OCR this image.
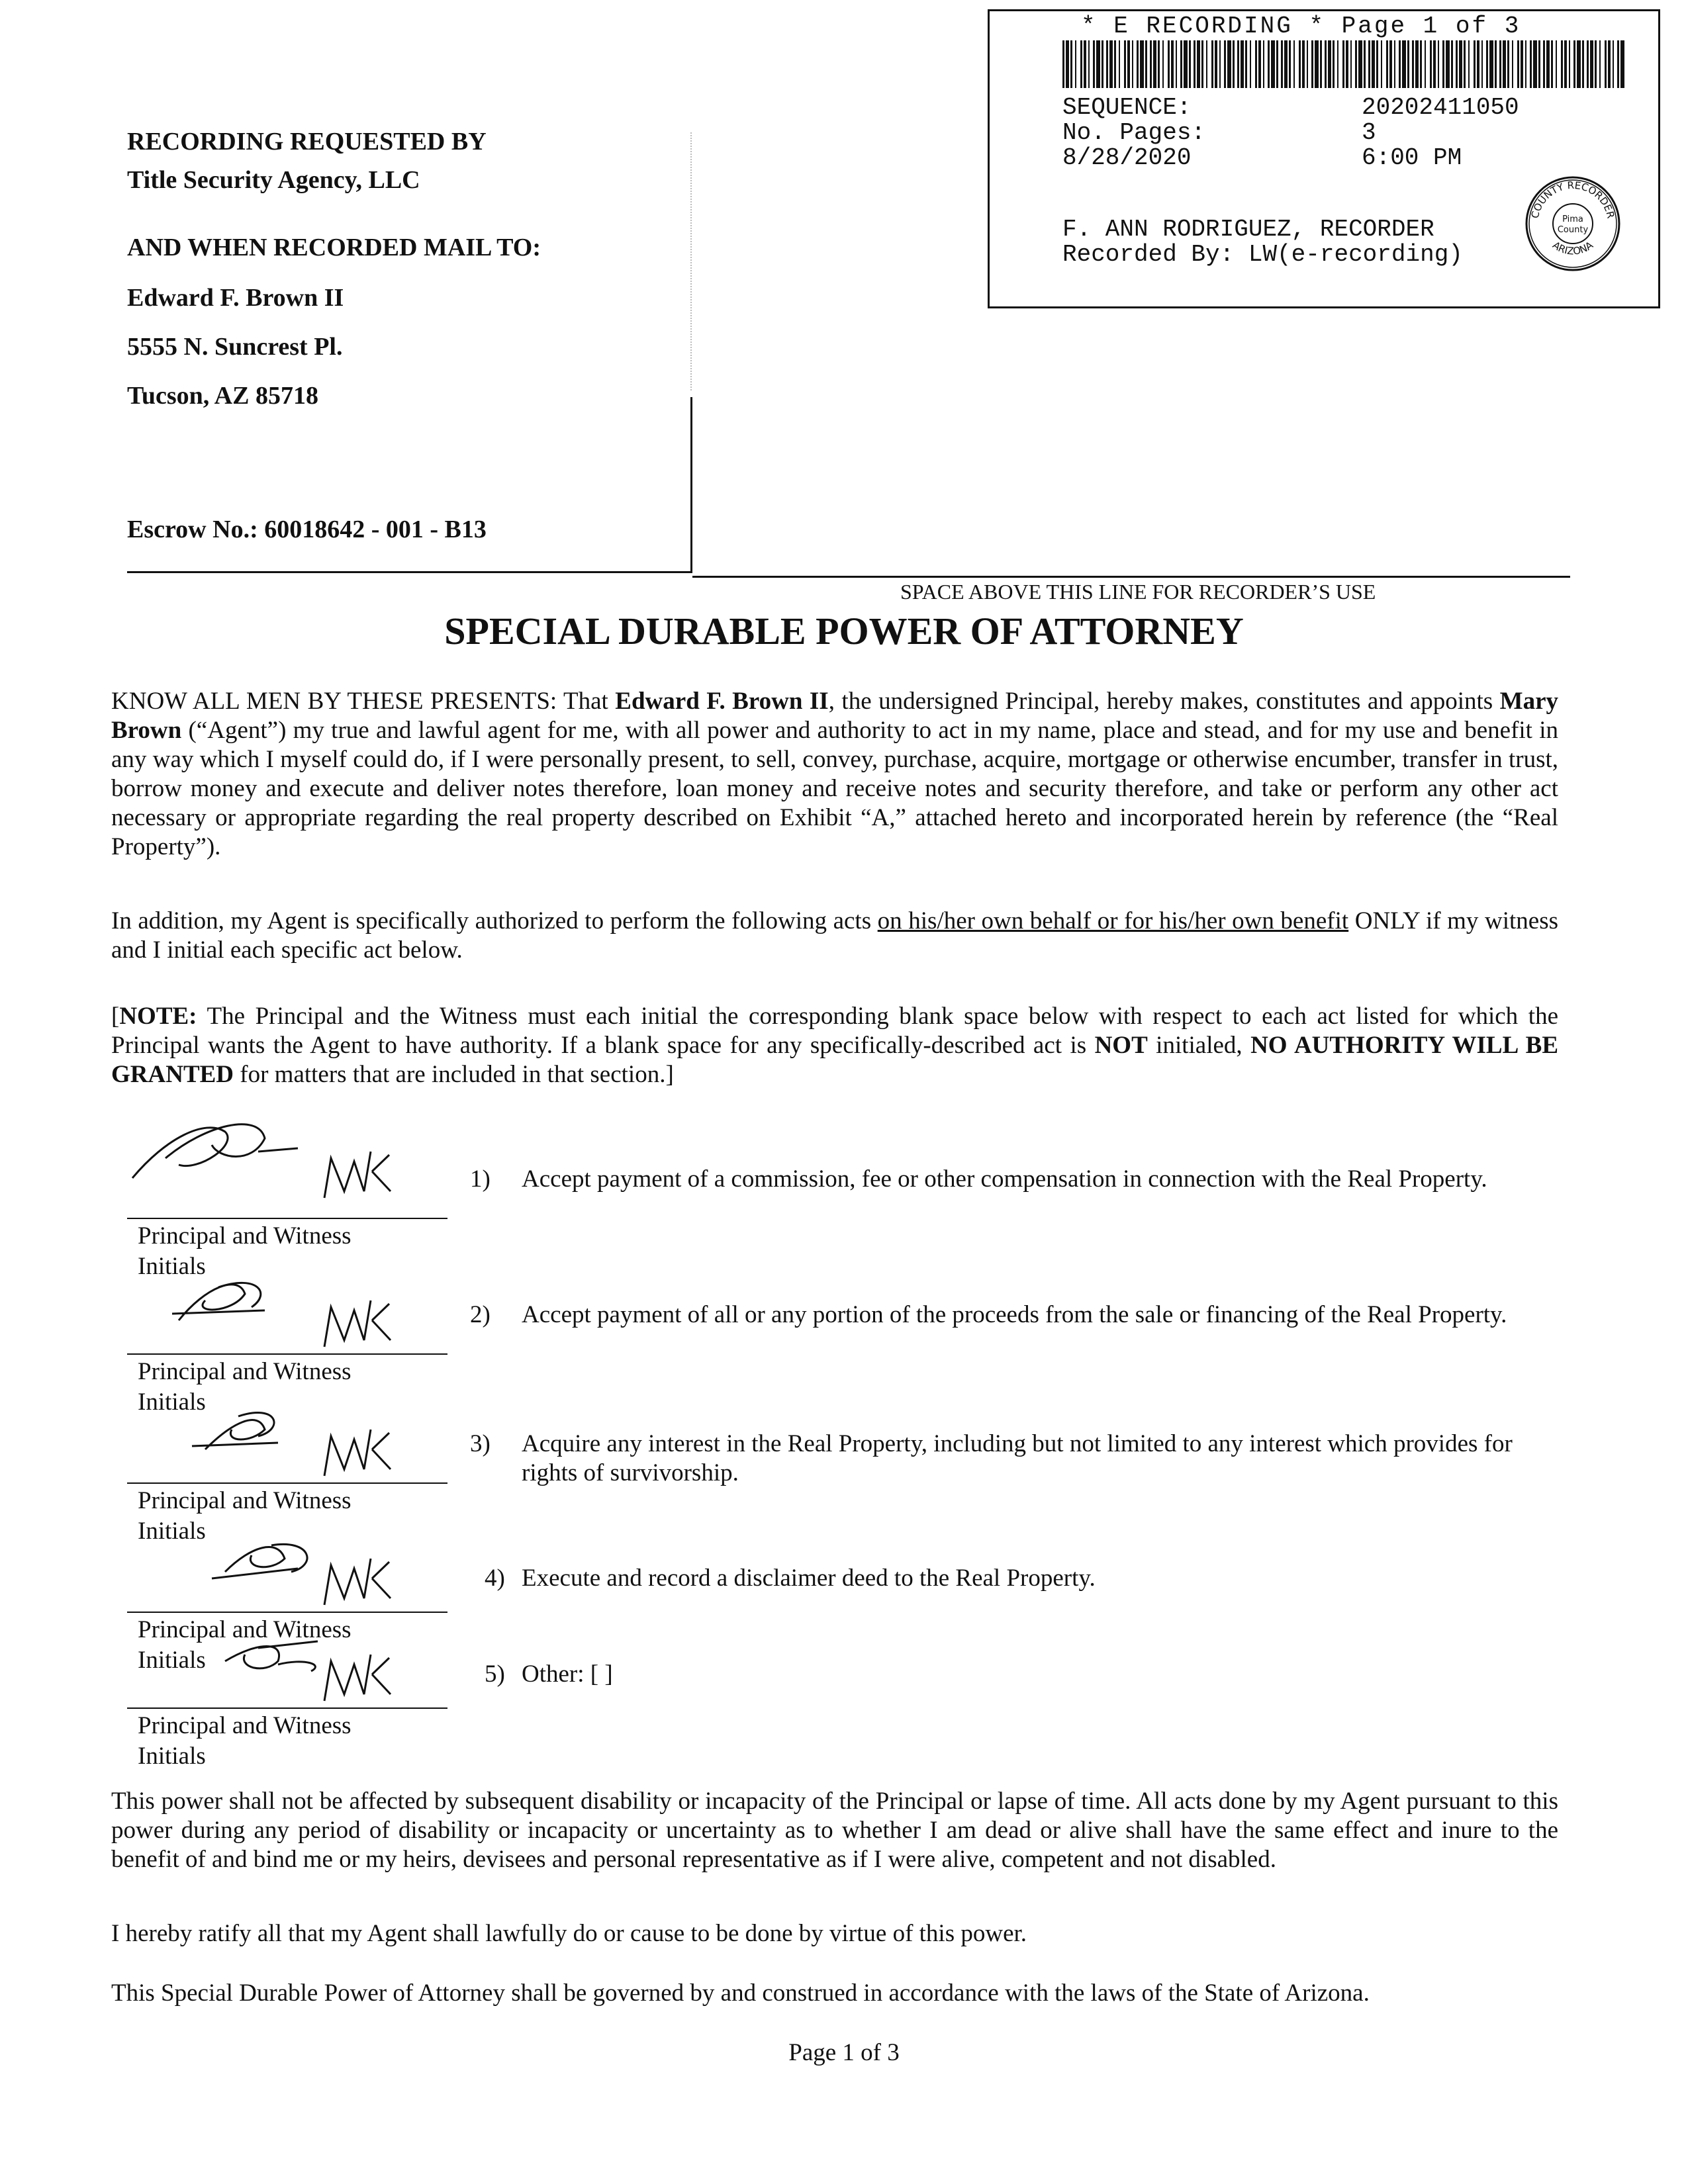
* E RECORDING * Page 1 of 3
SEQUENCE:	20202411050
No. Pages:	3
8/28/2020	6:00 PM
F. ANN RODRIGUEZ, RECORDER
Recorded By: LW(e-recording)
COUNTY RECORDER
ARIZONA
Pima
County
RECORDING REQUESTED BY
Title Security Agency, LLC
AND WHEN RECORDED MAIL TO:
Edward F. Brown II
5555 N. Suncrest Pl.
Tucson, AZ 85718
Escrow No.: 60018642 - 001 - B13
SPACE ABOVE THIS LINE FOR RECORDER’S USE
SPECIAL DURABLE POWER OF ATTORNEY
KNOW ALL MEN BY THESE PRESENTS: That Edward F. Brown II, the undersigned Principal, hereby makes, constitutes and appoints Mary Brown (“Agent”) my true and lawful agent for me, with all power and authority to act in my name, place and stead, and for my use and benefit in any way which I myself could do, if I were personally present, to sell, convey, purchase, acquire, mortgage or otherwise encumber, transfer in trust, borrow money and execute and deliver notes therefore, loan money and receive notes and security therefore, and take or perform any other act necessary or appropriate regarding the real property described on Exhibit “A,” attached hereto and incorporated herein by reference (the “Real Property”).
In addition, my Agent is specifically authorized to perform the following acts on his/her own behalf or for his/her own benefit ONLY if my witness and I initial each specific act below.
[NOTE: The Principal and the Witness must each initial the corresponding blank space below with respect to each act listed for which the Principal wants the Agent to have authority. If a blank space for any specifically-described act is NOT initialed, NO AUTHORITY WILL BE GRANTED for matters that are included in that section.]
Principal and Witness
Initials
1) Accept payment of a commission, fee or other compensation in connection with the Real Property.
Principal and Witness
Initials
2) Accept payment of all or any portion of the proceeds from the sale or financing of the Real Property.
Principal and Witness
Initials
3) Acquire any interest in the Real Property, including but not limited to any interest which provides for rights of survivorship.
Principal and Witness
Initials
4) Execute and record a disclaimer deed to the Real Property.
Principal and Witness
Initials
5) Other: [ ]
This power shall not be affected by subsequent disability or incapacity of the Principal or lapse of time. All acts done by my Agent pursuant to this power during any period of disability or incapacity or uncertainty as to whether I am dead or alive shall have the same effect and inure to the benefit of and bind me or my heirs, devisees and personal representative as if I were alive, competent and not disabled.
I hereby ratify all that my Agent shall lawfully do or cause to be done by virtue of this power.
This Special Durable Power of Attorney shall be governed by and construed in accordance with the laws of the State of Arizona.
Page 1 of 3
